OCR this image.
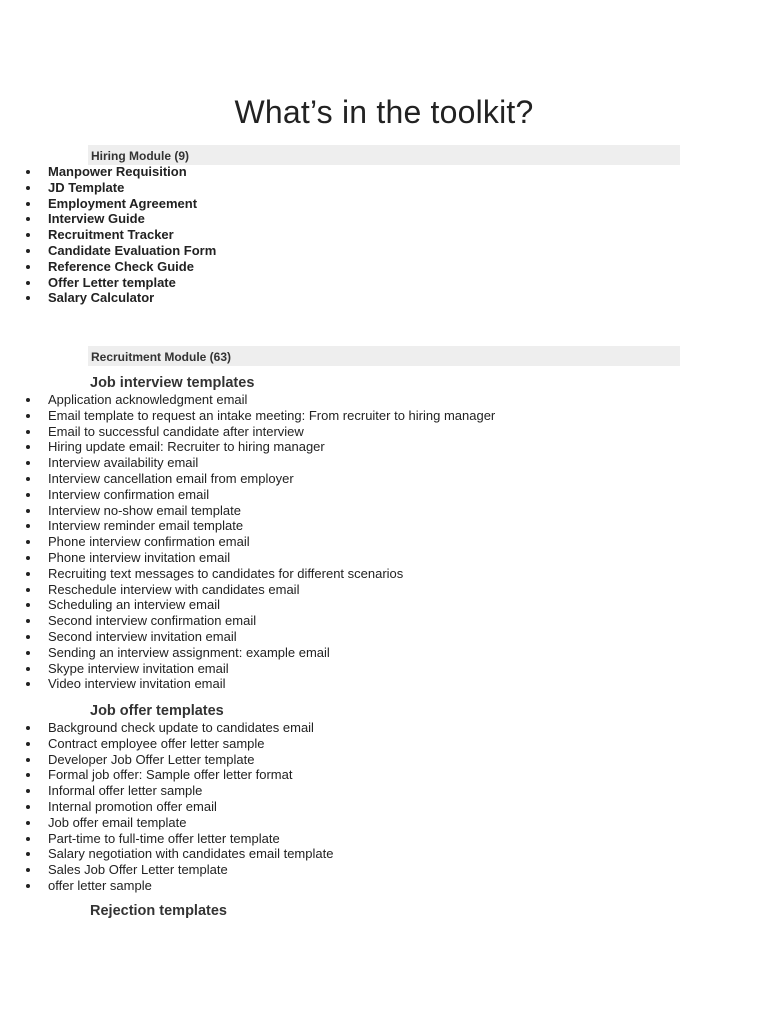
What’s in the toolkit?
Hiring Module (9)
Manpower Requisition
JD Template
Employment Agreement
Interview Guide
Recruitment Tracker
Candidate Evaluation Form
Reference Check Guide
Offer Letter template
Salary Calculator
Recruitment Module (63)
Job interview templates
Application acknowledgment email
Email template to request an intake meeting: From recruiter to hiring manager
Email to successful candidate after interview
Hiring update email: Recruiter to hiring manager
Interview availability email
Interview cancellation email from employer
Interview confirmation email
Interview no-show email template
Interview reminder email template
Phone interview confirmation email
Phone interview invitation email
Recruiting text messages to candidates for different scenarios
Reschedule interview with candidates email
Scheduling an interview email
Second interview confirmation email
Second interview invitation email
Sending an interview assignment: example email
Skype interview invitation email
Video interview invitation email
Job offer templates
Background check update to candidates email
Contract employee offer letter sample
Developer Job Offer Letter template
Formal job offer: Sample offer letter format
Informal offer letter sample
Internal promotion offer email
Job offer email template
Part-time to full-time offer letter template
Salary negotiation with candidates email template
Sales Job Offer Letter template
offer letter sample
Rejection templates
